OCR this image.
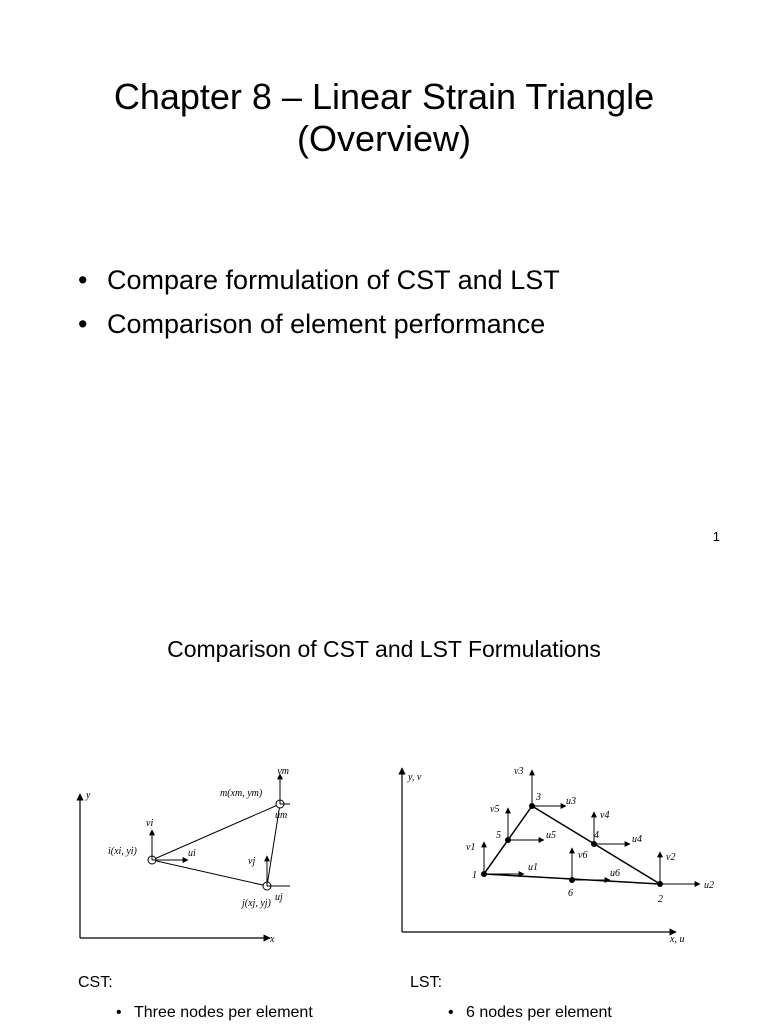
Chapter 8 – Linear Strain Triangle
(Overview)
• Compare formulation of CST and LST
• Comparison of element performance
1
Comparison of CST and LST Formulations
y
x
m(xm, ym)
i(xi, yi)
j(xj, yj)
vm
um
vi
ui
vj
uj
y, v
x, u
1
2
3
4
5
6
u1
u2
u3
u4
u5
u6
v1
v2
v3
v4
v5
v6
CST:
• Three nodes per element
LST:
• 6 nodes per element
